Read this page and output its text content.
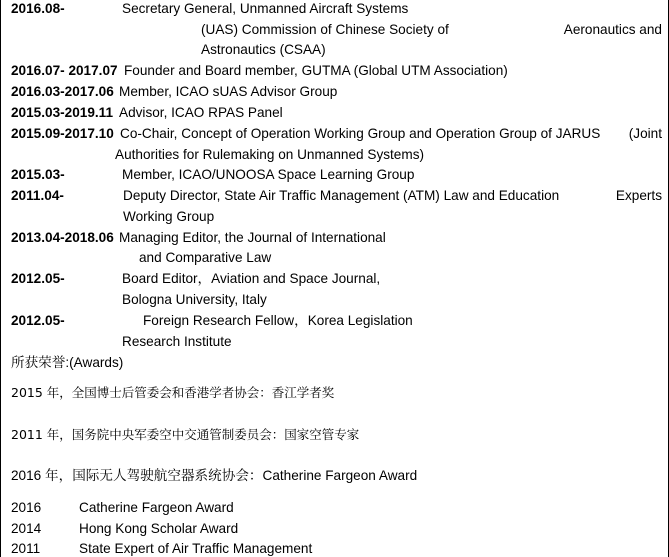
2016.08-	Secretary General, Unmanned Aircraft Systems
(UAS) Commission of Chinese Society of	Aeronautics and
Astronautics (CSAA)
2016.07- 2017.07 Founder and Board member, GUTMA (Global UTM Association)
2016.03-2017.06 Member, ICAO sUAS Advisor Group
2015.03-2019.11 Advisor, ICAO RPAS Panel
2015.09-2017.10 Co-Chair, Concept of Operation Working Group and Operation Group of JARUS (Joint
Authorities for Rulemaking on Unmanned Systems)
2015.03-	Member, ICAO/UNOOSA Space Learning Group
2011.04-	Deputy Director, State Air Traffic Management (ATM) Law and Education	Experts
Working Group
2013.04-2018.06 Managing Editor, the Journal of International
and Comparative Law
2012.05-	Board Editor，Aviation and Space Journal,
Bologna University, Italy
2012.05-	Foreign Research Fellow，Korea Legislation
Research Institute
所获荣誉:(Awards)
2015 年，全国博士后管委会和香港学者协会：香江学者奖
2011 年，国务院中央军委空中交通管制委员会：国家空管专家
2016 年，国际无人驾驶航空器系统协会：Catherine Fargeon Award
2016	Catherine Fargeon Award
2014	Hong Kong Scholar Award
2011	State Expert of Air Traffic Management
